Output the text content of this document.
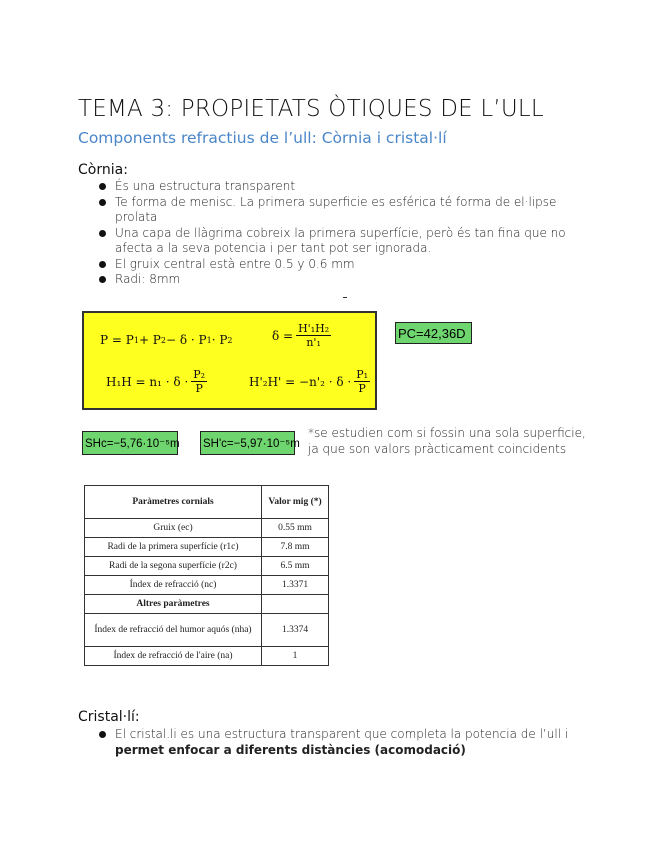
TEMA 3: PROPIETATS ÒTIQUES DE L’ULL
Components refractius de l’ull: Còrnia i cristal·lí
Còrnia:
És una estructura transparent
Te forma de menisc. La primera superficie es esférica té forma de el·lipse prolata
Una capa de llàgrima cobreix la primera superfície, però és tan fina que no afecta a la seva potencia i per tant pot ser ignorada.
El gruix central està entre 0.5 y 0.6 mm
Radi: 8mm
P = P 1 + P 2 − δ · P 1 · P 2	$\delta = \frac{\text{H'₁H₂}}{\text{n'₁}}$
$H_1H = n_1 \cdot \delta \cdot \frac{\text{P₂}}{P}$	$H'_2H' = -n'_2 \cdot \delta \cdot \frac{\text{P₁}}{P}$
PC=42,36D
SHc=−5,76·10⁻⁵m SH'c=−5,97·10⁻⁵m
*se estudien com si fossin una sola superficie, ja que son valors pràcticament coincidents
Paràmetres cornials	Valor mig (*)
Gruix (ec)	0.55 mm
Radi de la primera superfície (r1c)	7.8 mm
Radi de la segona superfície (r2c)	6.5 mm
Índex de refracció (nc)	1.3371
Altres paràmetres	
Índex de refracció del humor aquós (nha)	1.3374
Índex de refracció de l'aire (na)	1
Cristal·lí:
El cristal.li es una estructura transparent que completa la potencia de l’ull i permet enfocar a diferents distàncies (acomodació)
